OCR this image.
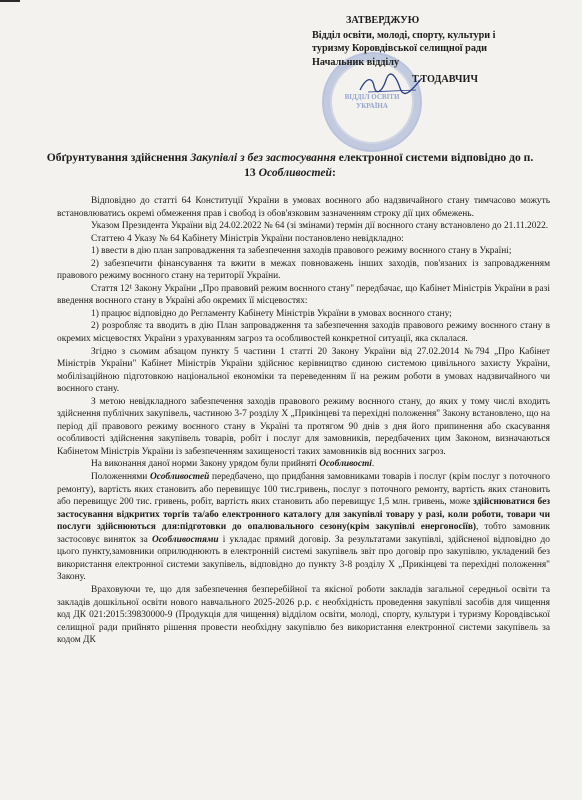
ВІДДІЛ ОСВІТИ УКРАЇНА
ЗАТВЕРДЖУЮ
Відділ освіти, молоді, спорту, культури і
туризму Коровдівської селищної ради
Начальник відділу
Т.ТОДАВЧИЧ
Обґрунтування здійснення Закупівлі з без застосування електронної системи відповідно до п. 13 Особливостей:

Відповідно до статті 64 Конституції України в умовах воєнного або надзвичайного стану тимчасово можуть встановлюватись окремі обмеження прав і свобод із обов'язковим зазначенням строку дії цих обмежень.

Указом Президента України від 24.02.2022 № 64 (зі змінами) термін дії воєнного стану встановлено до 21.11.2022.

Статтею 4 Указу № 64 Кабінету Міністрів України постановлено невідкладно:

1) ввести в дію план запровадження та забезпечення заходів правового режиму воєнного стану в Україні;

2) забезпечити фінансування та вжити в межах повноважень інших заходів, пов'язаних із запровадженням правового режиму воєнного стану на території України.

Стаття 12¹ Закону України „Про правовий режим воєнного стану" передбачає, що Кабінет Міністрів України в разі введення воєнного стану в Україні або окремих її місцевостях:

1) працює відповідно до Регламенту Кабінету Міністрів України в умовах воєнного стану;

2) розробляє та вводить в дію План запровадження та забезпечення заходів правового режиму воєнного стану в окремих місцевостях України з урахуванням загроз та особливостей конкретної ситуації, яка склалася.

Згідно з сьомим абзацом пункту 5 частини 1 статті 20 Закону України від 27.02.2014 №794 „Про Кабінет Міністрів України" Кабінет Міністрів України здійснює керівництво єдиною системою цивільного захисту України, мобілізаційною підготовкою національної економіки та переведенням її на режим роботи в умовах надзвичайного чи воєнного стану.

З метою невідкладного забезпечення заходів правового режиму воєнного стану, до яких у тому числі входить здійснення публічних закупівель, частиною 3-7 розділу X „Прикінцеві та перехідні положення" Закону встановлено, що на період дії правового режиму воєнного стану в Україні та протягом 90 днів з дня його припинення або скасування особливості здійснення закупівель товарів, робіт і послуг для замовників, передбачених цим Законом, визначаються Кабінетом Міністрів України із забезпеченням захищеності таких замовників від воєнних загроз.

На виконання даної норми Закону урядом були прийняті Особливості.

Положеннями Особливостей передбачено, що придбання замовниками товарів і послуг (крім послуг з поточного ремонту), вартість яких становить або перевищує 100 тис.гривень, послуг з поточного ремонту, вартість яких становить або перевищує 200 тис. гривень, робіт, вартість яких становить або перевищує 1,5 млн. гривень, може здійснюватися без застосування відкритих торгів та/або електронного каталогу для закупівлі товару у разі, коли роботи, товари чи послуги здійснюються для:підготовки до опалювального сезону(крім закупівлі енергоносіїв), тобто замовник застосовує виняток за Особливостями і укладає прямий договір. За результатами закупівлі, здійсненої відповідно до цього пункту,замовники оприлюднюють в електронній системі закупівель звіт про договір про закупівлю, укладений без використання електронної системи закупівель, відповідно до пункту 3-8 розділу X „Прикінцеві та перехідні положення" Закону.

Враховуючи те, що для забезпечення безперебійної та якісної роботи закладів загальної середньої освіти та закладів дошкільної освіти нового навчального 2025-2026 р.р. є необхідність проведення закупівлі засобів для чищення код ДК 021:2015:39830000-9 (Продукція для чищення) відділом освіти, молоді, спорту, культури і туризму Коровдівської селищної ради прийнято рішення провести необхідну закупівлю без використання електронної системи закупівель за кодом ДК
